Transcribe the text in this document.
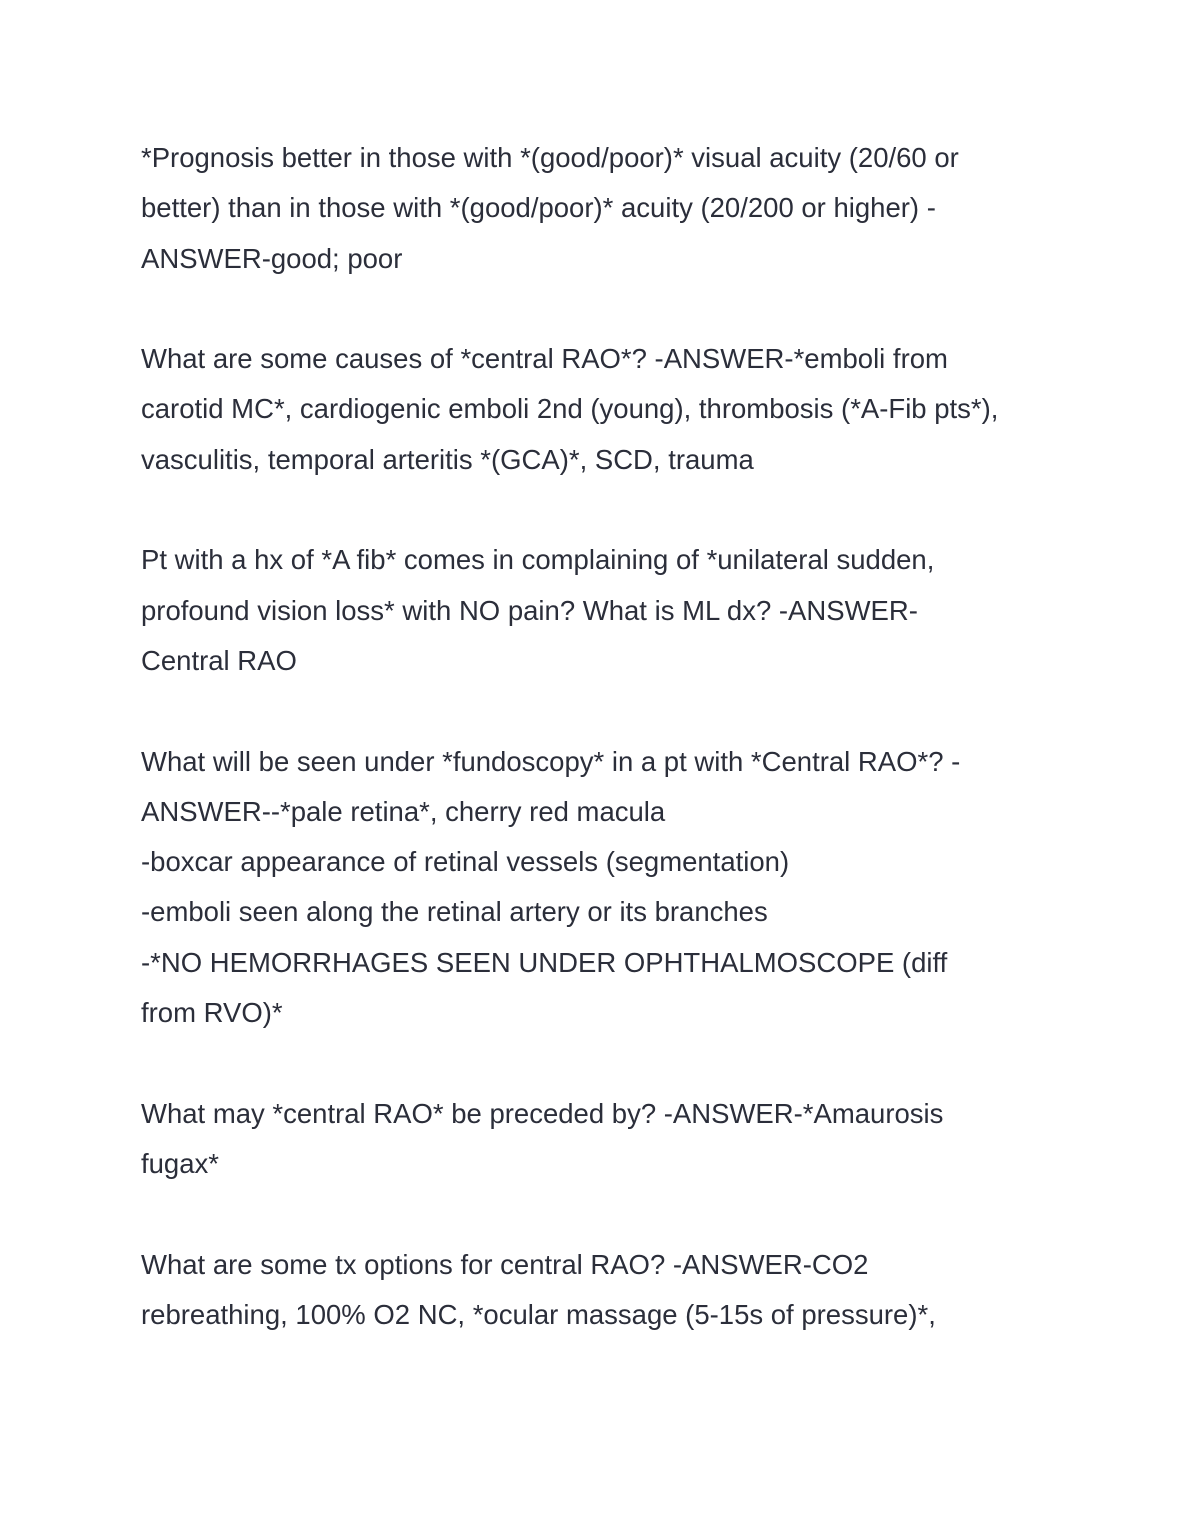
*Prognosis better in those with *(good/poor)* visual acuity (20/60 or
better) than in those with *(good/poor)* acuity (20/200 or higher) -
ANSWER-good; poor
What are some causes of *central RAO*? -ANSWER-*emboli from
carotid MC*, cardiogenic emboli 2nd (young), thrombosis (*A-Fib pts*),
vasculitis, temporal arteritis *(GCA)*, SCD, trauma
Pt with a hx of *A fib* comes in complaining of *unilateral sudden,
profound vision loss* with NO pain? What is ML dx? -ANSWER-
Central RAO
What will be seen under *fundoscopy* in a pt with *Central RAO*? -
ANSWER--*pale retina*, cherry red macula
-boxcar appearance of retinal vessels (segmentation)
-emboli seen along the retinal artery or its branches
-*NO HEMORRHAGES SEEN UNDER OPHTHALMOSCOPE (diff
from RVO)*
What may *central RAO* be preceded by? -ANSWER-*Amaurosis
fugax*
What are some tx options for central RAO? -ANSWER-CO2
rebreathing, 100% O2 NC, *ocular massage (5-15s of pressure)*,
